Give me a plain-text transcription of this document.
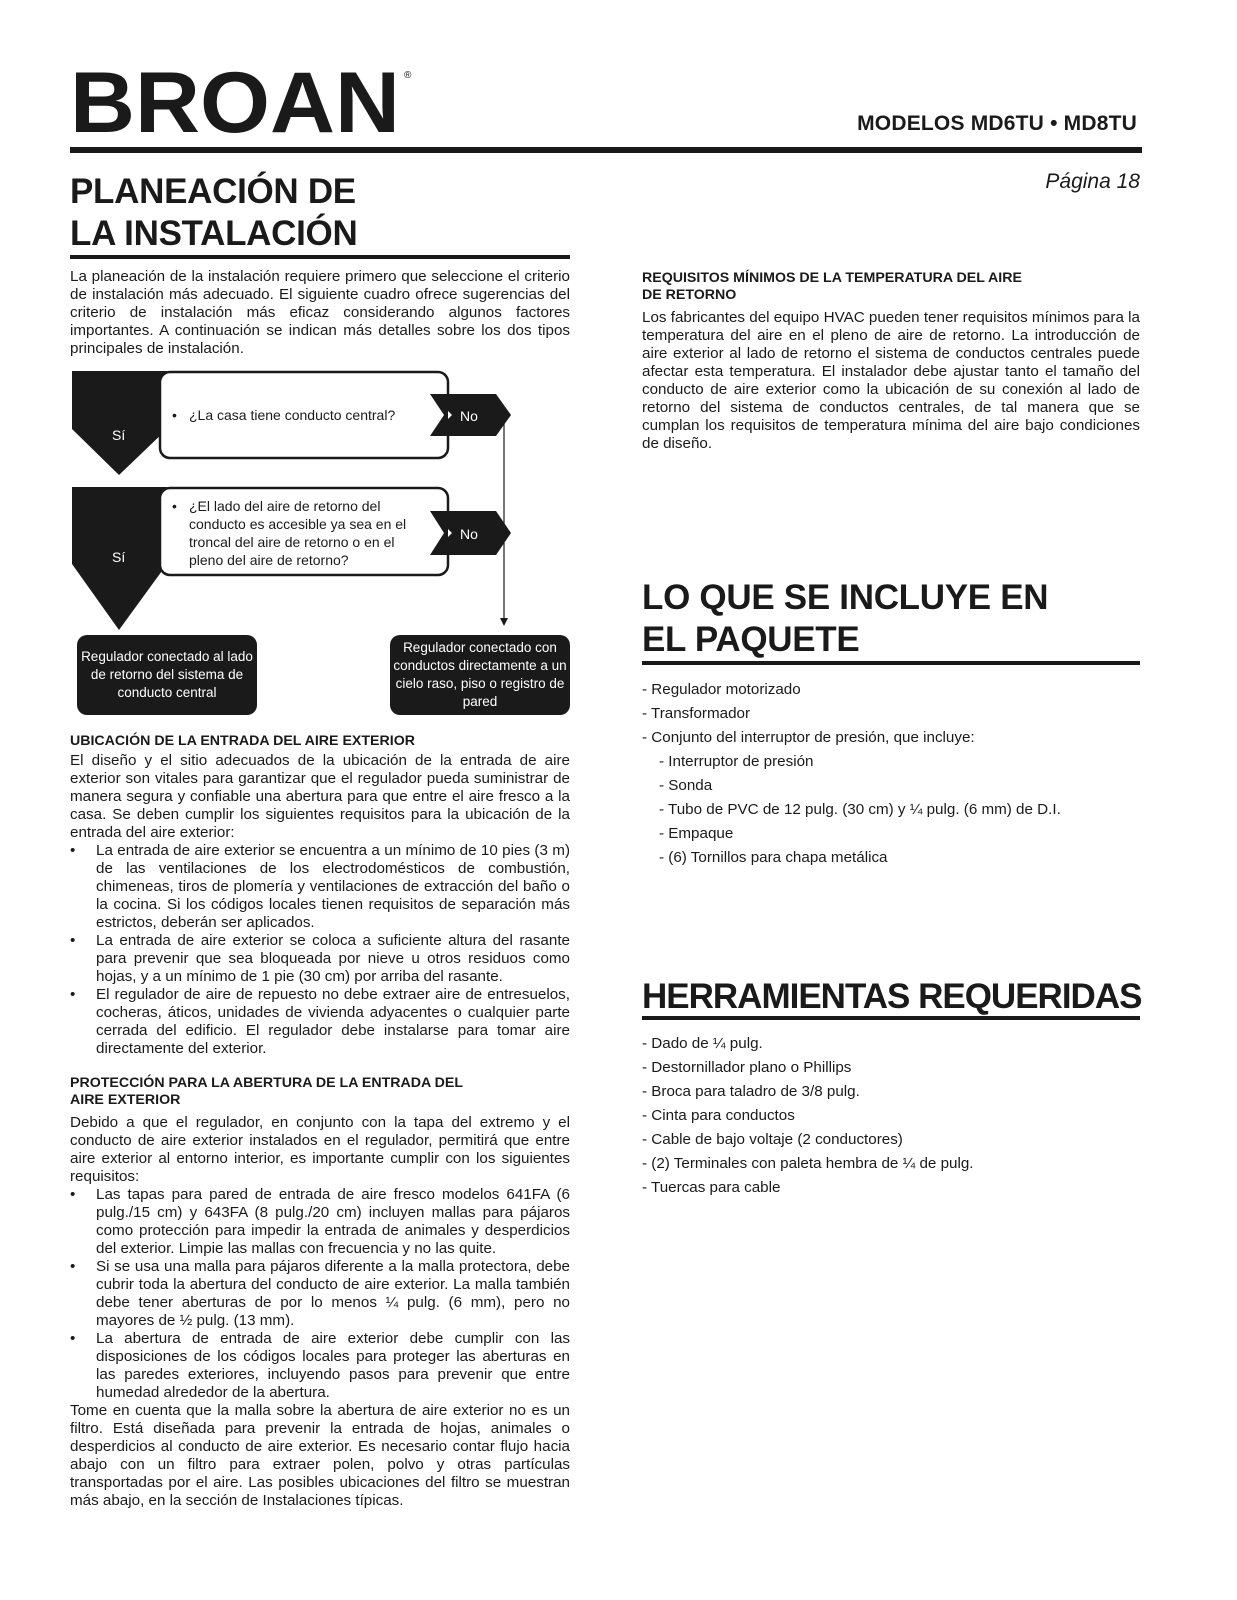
BROAN ®
MODELOS MD6TU • MD8TU
Página 18
PLANEACIÓN DE
LA INSTALACIÓN
La planeación de la instalación requiere primero que seleccione el criterio de instalación más adecuado. El siguiente cuadro ofrece sugerencias del criterio de instalación más eficaz considerando algunos factores importantes. A continuación se indican más detalles sobre los dos tipos principales de instalación.
Sí
Sí
No
No
• ¿La casa tiene conducto central?
• ¿El lado del aire de retorno del conducto es accesible ya sea en el troncal del aire de retorno o en el pleno del aire de retorno?
Regulador conectado al lado de retorno del sistema de conducto central
Regulador conectado con conductos directamente a un cielo raso, piso o registro de pared
UBICACIÓN DE LA ENTRADA DEL AIRE EXTERIOR
El diseño y el sitio adecuados de la ubicación de la entrada de aire exterior son vitales para garantizar que el regulador pueda suministrar de manera segura y confiable una abertura para que entre el aire fresco a la casa. Se deben cumplir los siguientes requisitos para la ubicación de la entrada del aire exterior:
• La entrada de aire exterior se encuentra a un mínimo de 10 pies (3 m) de las ventilaciones de los electrodomésticos de combustión, chimeneas, tiros de plomería y ventilaciones de extracción del baño o la cocina. Si los códigos locales tienen requisitos de separación más estrictos, deberán ser aplicados.
• La entrada de aire exterior se coloca a suficiente altura del rasante para prevenir que sea bloqueada por nieve u otros residuos como hojas, y a un mínimo de 1 pie (30 cm) por arriba del rasante.
• El regulador de aire de repuesto no debe extraer aire de entresuelos, cocheras, áticos, unidades de vivienda adyacentes o cualquier parte cerrada del edificio. El regulador debe instalarse para tomar aire directamente del exterior.
PROTECCIÓN PARA LA ABERTURA DE LA ENTRADA DEL
AIRE EXTERIOR
Debido a que el regulador, en conjunto con la tapa del extremo y el conducto de aire exterior instalados en el regulador, permitirá que entre aire exterior al entorno interior, es importante cumplir con los siguientes requisitos:
• Las tapas para pared de entrada de aire fresco modelos 641FA (6 pulg./15 cm) y 643FA (8 pulg./20 cm) incluyen mallas para pájaros como protección para impedir la entrada de animales y desperdicios del exterior. Limpie las mallas con frecuencia y no las quite.
• Si se usa una malla para pájaros diferente a la malla protectora, debe cubrir toda la abertura del conducto de aire exterior. La malla también debe tener aberturas de por lo menos ¼ pulg. (6 mm), pero no mayores de ½ pulg. (13 mm).
• La abertura de entrada de aire exterior debe cumplir con las disposiciones de los códigos locales para proteger las aberturas en las paredes exteriores, incluyendo pasos para prevenir que entre humedad alrededor de la abertura.
Tome en cuenta que la malla sobre la abertura de aire exterior no es un filtro. Está diseñada para prevenir la entrada de hojas, animales o desperdicios al conducto de aire exterior. Es necesario contar flujo hacia abajo con un filtro para extraer polen, polvo y otras partículas transportadas por el aire. Las posibles ubicaciones del filtro se muestran más abajo, en la sección de Instalaciones típicas.
REQUISITOS MÍNIMOS DE LA TEMPERATURA DEL AIRE
DE RETORNO
Los fabricantes del equipo HVAC pueden tener requisitos mínimos para la temperatura del aire en el pleno de aire de retorno. La introducción de aire exterior al lado de retorno el sistema de conductos centrales puede afectar esta temperatura. El instalador debe ajustar tanto el tamaño del conducto de aire exterior como la ubicación de su conexión al lado de retorno del sistema de conductos centrales, de tal manera que se cumplan los requisitos de temperatura mínima del aire bajo condiciones de diseño.
LO QUE SE INCLUYE EN
EL PAQUETE
- Regulador motorizado
- Transformador
- Conjunto del interruptor de presión, que incluye:
- Interruptor de presión
- Sonda
- Tubo de PVC de 12 pulg. (30 cm) y ¼ pulg. (6 mm) de D.I.
- Empaque
- (6) Tornillos para chapa metálica
HERRAMIENTAS REQUERIDAS
- Dado de ¼ pulg.
- Destornillador plano o Phillips
- Broca para taladro de 3/8 pulg.
- Cinta para conductos
- Cable de bajo voltaje (2 conductores)
- (2) Terminales con paleta hembra de ¼ de pulg.
- Tuercas para cable
